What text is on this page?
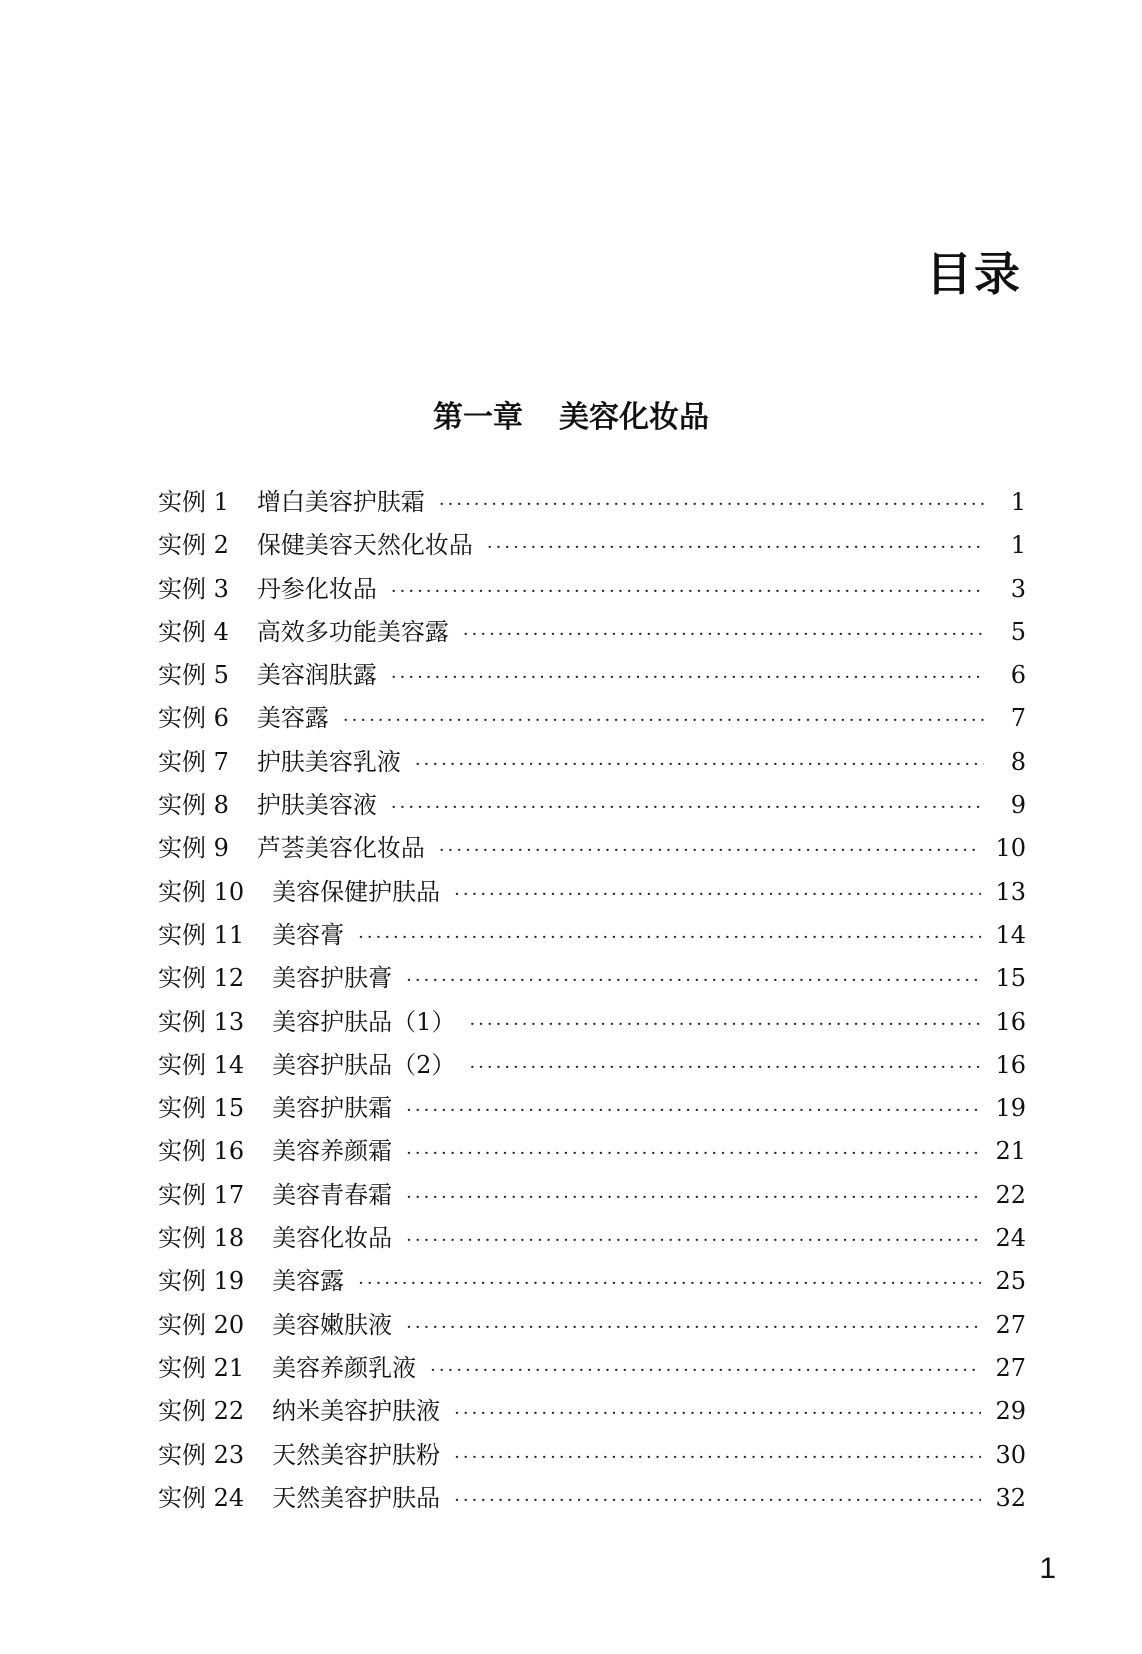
目录
第一章 美容化妆品
实例 1	增白美容护肤霜 ·····	1
实例 2	保健美容天然化妆品 ·····	1
实例 3	丹参化妆品 ·····	3
实例 4	高效多功能美容露 ·····	5
实例 5	美容润肤露 ·····	6
实例 6	美容露 ·····	7
实例 7	护肤美容乳液 ·····	8
实例 8	护肤美容液 ·····	9
实例 9	芦荟美容化妆品 ·····	10
实例 10	美容保健护肤品 ·····	13
实例 11	美容膏 ·····	14
实例 12	美容护肤膏 ·····	15
实例 13	美容护肤品（1） ·····	16
实例 14	美容护肤品（2） ·····	16
实例 15	美容护肤霜 ·····	19
实例 16	美容养颜霜 ·····	21
实例 17	美容青春霜 ·····	22
实例 18	美容化妆品 ·····	24
实例 19	美容露 ·····	25
实例 20	美容嫩肤液 ·····	27
实例 21	美容养颜乳液 ·····	27
实例 22	纳米美容护肤液 ·····	29
实例 23	天然美容护肤粉 ·····	30
实例 24	天然美容护肤品 ·····	32

1
